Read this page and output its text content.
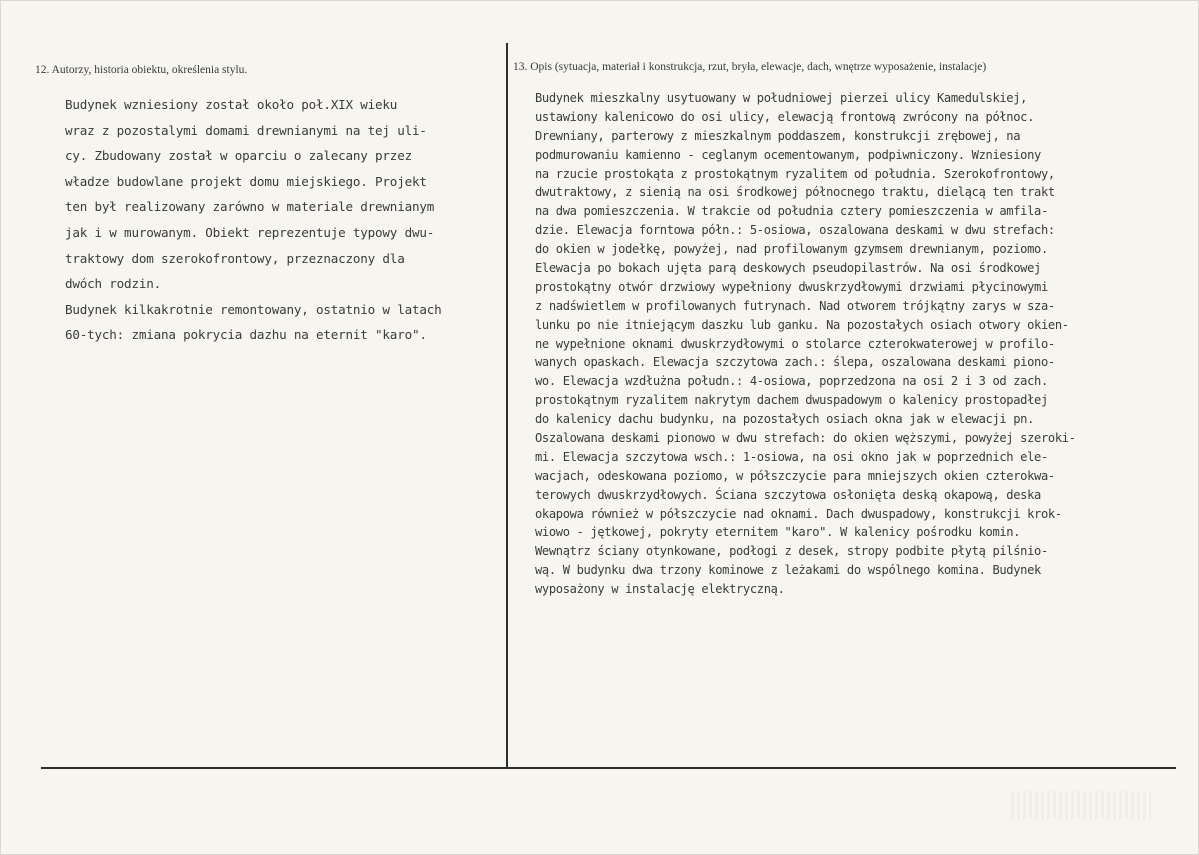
12. Autorzy, historia obiektu, określenia stylu.	13. Opis (sytuacja, materiał i konstrukcja, rzut, bryła, elewacje, dach, wnętrze wyposażenie, instalacje)
Budynek wzniesiony został około poł.XIX wieku
wraz z pozostalymi domami drewnianymi na tej uli-
cy. Zbudowany został w oparciu o zalecany przez
władze budowlane projekt domu miejskiego. Projekt
ten był realizowany zarówno w materiale drewnianym
jak i w murowanym. Obiekt reprezentuje typowy dwu-
traktowy dom szerokofrontowy, przeznaczony dla
dwóch rodzin.
Budynek kilkakrotnie remontowany, ostatnio w latach
60-tych: zmiana pokrycia dazhu na eternit "karo".
Budynek mieszkalny usytuowany w południowej pierzei ulicy Kamedulskiej,
ustawiony kalenicowo do osi ulicy, elewacją frontową zwrócony na północ.
Drewniany, parterowy z mieszkalnym poddaszem, konstrukcji zrębowej, na
podmurowaniu kamienno - ceglanym ocementowanym, podpiwniczony. Wzniesiony
na rzucie prostokąta z prostokątnym ryzalitem od południa. Szerokofrontowy,
dwutraktowy, z sienią na osi środkowej północnego traktu, dielącą ten trakt
na dwa pomieszczenia. W trakcie od południa cztery pomieszczenia w amfila-
dzie. Elewacja forntowa półn.: 5-osiowa, oszalowana deskami w dwu strefach:
do okien w jodełkę, powyżej, nad profilowanym gzymsem drewnianym, poziomo.
Elewacja po bokach ujęta parą deskowych pseudopilastrów. Na osi środkowej
prostokątny otwór drzwiowy wypełniony dwuskrzydłowymi drzwiami płycinowymi
z nadświetlem w profilowanych futrynach. Nad otworem trójkątny zarys w sza-
lunku po nie itniejącym daszku lub ganku. Na pozostałych osiach otwory okien-
ne wypełnione oknami dwuskrzydłowymi o stolarce czterokwaterowej w profilo-
wanych opaskach. Elewacja szczytowa zach.: ślepa, oszalowana deskami piono-
wo. Elewacja wzdłużna połudn.: 4-osiowa, poprzedzona na osi 2 i 3 od zach.
prostokątnym ryzalitem nakrytym dachem dwuspadowym o kalenicy prostopadłej
do kalenicy dachu budynku, na pozostałych osiach okna jak w elewacji pn.
Oszalowana deskami pionowo w dwu strefach: do okien węższymi, powyżej szeroki-
mi. Elewacja szczytowa wsch.: 1-osiowa, na osi okno jak w poprzednich ele-
wacjach, odeskowana poziomo, w półszczycie para mniejszych okien czterokwa-
terowych dwuskrzydłowych. Ściana szczytowa osłonięta deską okapową, deska
okapowa również w półszczycie nad oknami. Dach dwuspadowy, konstrukcji krok-
wiowo - jętkowej, pokryty eternitem "karo". W kalenicy pośrodku komin.
Wewnątrz ściany otynkowane, podłogi z desek, stropy podbite płytą pilśnio-
wą. W budynku dwa trzony kominowe z leżakami do wspólnego komina. Budynek
wyposażony w instalację elektryczną.
